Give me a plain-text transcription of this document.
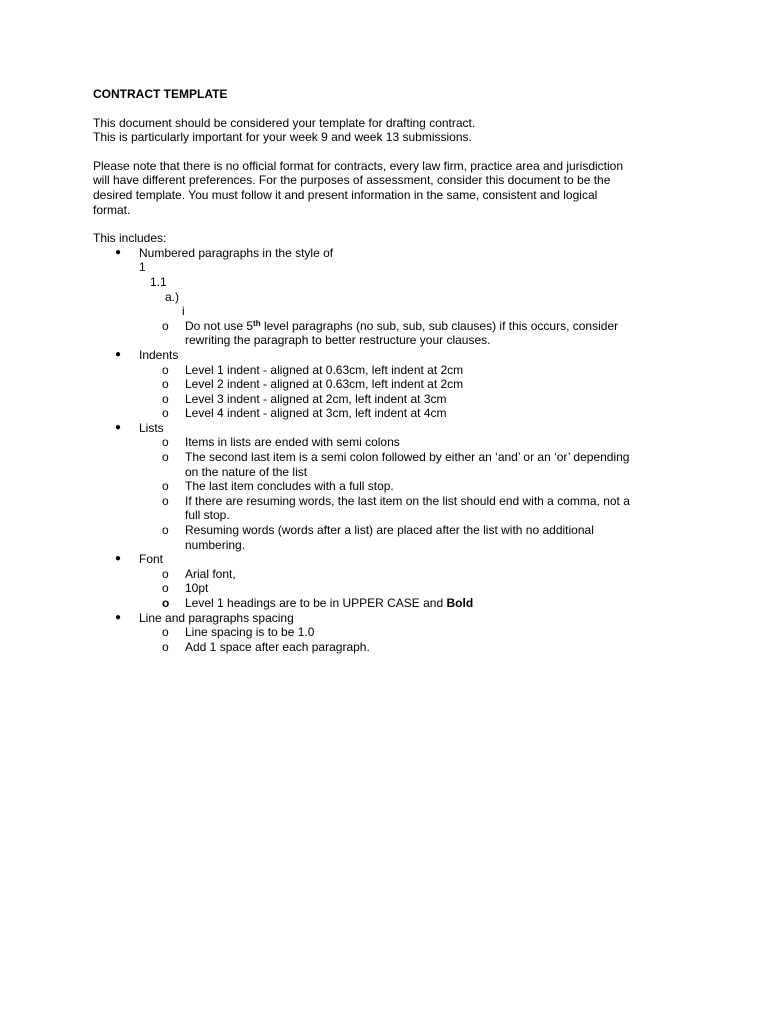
CONTRACT TEMPLATE

This document should be considered your template for drafting contract.
This is particularly important for your week 9 and week 13 submissions.

Please note that there is no official format for contracts, every law firm, practice area and jurisdiction
will have different preferences. For the purposes of assessment, consider this document to be the
desired template. You must follow it and present information in the same, consistent and logical
format.

This includes:
● Numbered paragraphs in the style of
1
1.1
a.)
i
o Do not use 5th level paragraphs (no sub, sub, sub clauses) if this occurs, consider
rewriting the paragraph to better restructure your clauses.
● Indents
o Level 1 indent - aligned at 0.63cm, left indent at 2cm
o Level 2 indent - aligned at 0.63cm, left indent at 2cm
o Level 3 indent - aligned at 2cm, left indent at 3cm
o Level 4 indent - aligned at 3cm, left indent at 4cm
● Lists
o Items in lists are ended with semi colons
o The second last item is a semi colon followed by either an ‘and’ or an ‘or’ depending
on the nature of the list
o The last item concludes with a full stop.
o If there are resuming words, the last item on the list should end with a comma, not a
full stop.
o Resuming words (words after a list) are placed after the list with no additional
numbering.
● Font
o Arial font,
o 10pt
o Level 1 headings are to be in UPPER CASE and Bold
● Line and paragraphs spacing
o Line spacing is to be 1.0
o Add 1 space after each paragraph.
